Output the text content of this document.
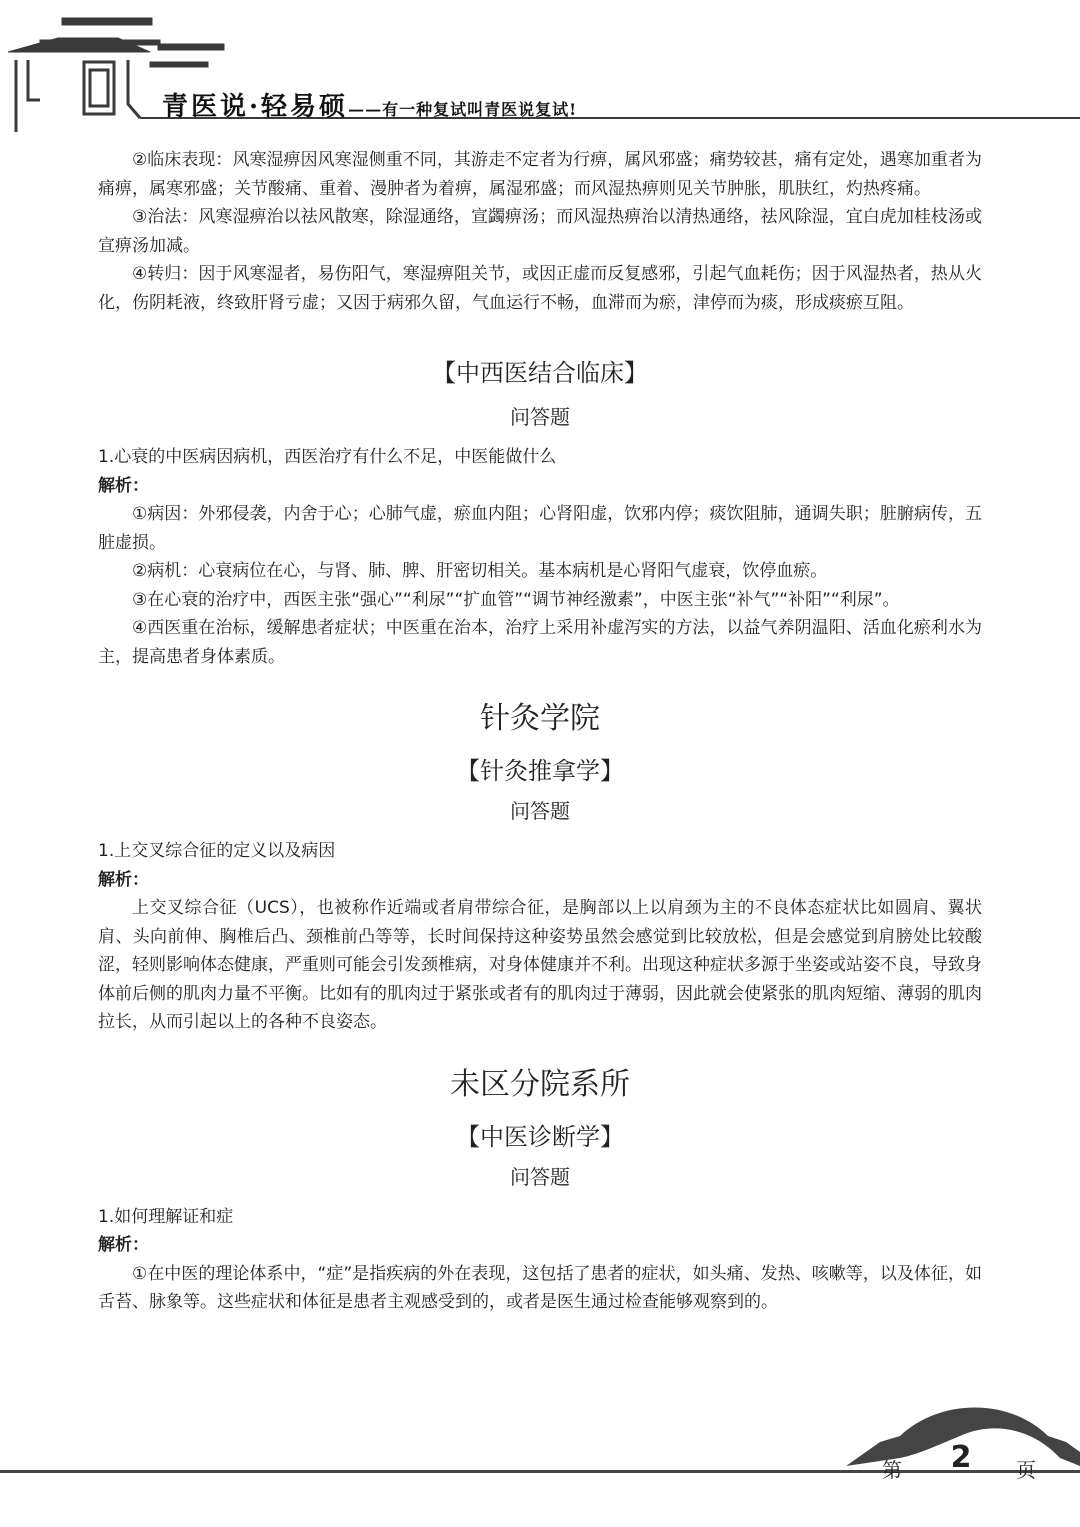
青医说·轻易硕——有一种复试叫青医说复试!

②临床表现：风寒湿痹因风寒湿侧重不同，其游走不定者为行痹，属风邪盛；痛势较甚，痛有定处，遇寒加重者为痛痹，属寒邪盛；关节酸痛、重着、漫肿者为着痹，属湿邪盛；而风湿热痹则见关节肿胀，肌肤红，灼热疼痛。

③治法：风寒湿痹治以祛风散寒，除湿通络，宣蠲痹汤；而风湿热痹治以清热通络，祛风除湿，宜白虎加桂枝汤或宣痹汤加减。

④转归：因于风寒湿者，易伤阳气，寒湿痹阻关节，或因正虚而反复感邪，引起气血耗伤；因于风湿热者，热从火化，伤阴耗液，终致肝肾亏虚；又因于病邪久留，气血运行不畅，血滞而为瘀，津停而为痰，形成痰瘀互阻。

【中西医结合临床】
问答题

1.心衰的中医病因病机，西医治疗有什么不足，中医能做什么

解析：

①病因：外邪侵袭，内舍于心；心肺气虚，瘀血内阻；心肾阳虚，饮邪内停；痰饮阻肺，通调失职；脏腑病传，五脏虚损。

②病机：心衰病位在心，与肾、肺、脾、肝密切相关。基本病机是心肾阳气虚衰，饮停血瘀。

③在心衰的治疗中，西医主张“强心”“利尿”“扩血管”“调节神经激素”，中医主张“补气”“补阳”“利尿”。

④西医重在治标，缓解患者症状；中医重在治本，治疗上采用补虚泻实的方法，以益气养阴温阳、活血化瘀利水为主，提高患者身体素质。

针灸学院
【针灸推拿学】
问答题

1.上交叉综合征的定义以及病因

解析：

上交叉综合征（UCS），也被称作近端或者肩带综合征，是胸部以上以肩颈为主的不良体态症状比如圆肩、翼状肩、头向前伸、胸椎后凸、颈椎前凸等等，长时间保持这种姿势虽然会感觉到比较放松，但是会感觉到肩膀处比较酸涩，轻则影响体态健康，严重则可能会引发颈椎病，对身体健康并不利。出现这种症状多源于坐姿或站姿不良，导致身体前后侧的肌肉力量不平衡。比如有的肌肉过于紧张或者有的肌肉过于薄弱，因此就会使紧张的肌肉短缩、薄弱的肌肉拉长，从而引起以上的各种不良姿态。

未区分院系所
【中医诊断学】
问答题

1.如何理解证和症

解析：

①在中医的理论体系中，“症”是指疾病的外在表现，这包括了患者的症状，如头痛、发热、咳嗽等，以及体征，如舌苔、脉象等。这些症状和体征是患者主观感受到的，或者是医生通过检查能够观察到的。

第 2	页
